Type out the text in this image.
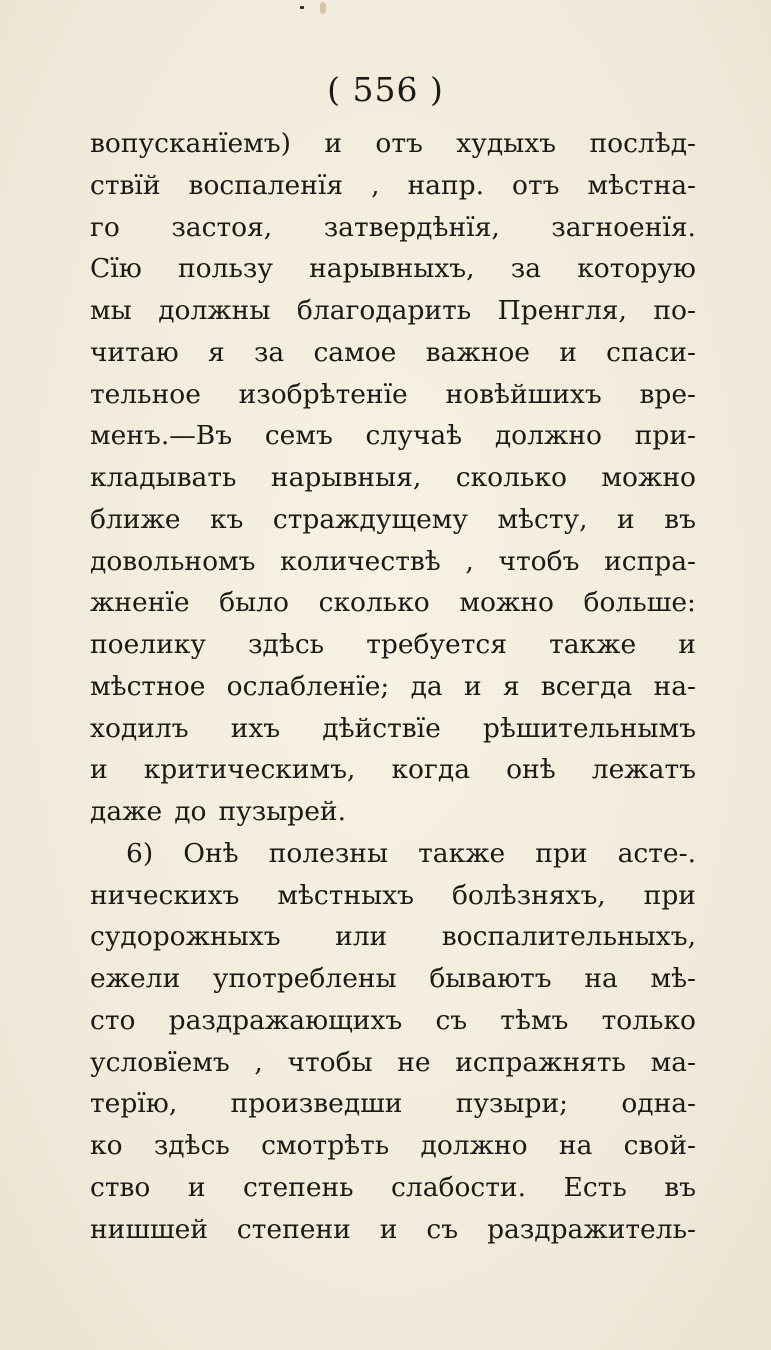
( 556 )
вопусканїемъ) и отъ худыхъ послѣд-
ствїй воспаленїя , напр. отъ мѣстна-
го застоя, затвердѣнїя, загноенїя.
Сїю пользу нарывныхъ, за которую
мы должны благодарить Пренгля, по-
читаю я за самое важное и спаси-
тельное изобрѣтенїе новѣйшихъ вре-
менъ.—Въ семъ случаѣ должно при-
кладывать нарывныя, сколько можно
ближе къ страждущему мѣсту, и въ
довольномъ количествѣ , чтобъ испра-
жненїе было сколько можно больше:
поелику здѣсь требуется также и
мѣстное ослабленїе; да и я всегда на-
ходилъ ихъ дѣйствїе рѣшительнымъ
и критическимъ, когда онѣ лежатъ
даже до пузырей.
6) Онѣ полезны также при асте-.
ническихъ мѣстныхъ болѣзняхъ, при
судорожныхъ или воспалительныхъ,
ежели употреблены бываютъ на мѣ-
сто раздражающихъ съ тѣмъ только
условїемъ , чтобы не испражнять ма-
терїю, произведши пузыри; одна-
ко здѣсь смотрѣть должно на свой-
ство и степень слабости. Есть въ
нишшей степени и съ раздражитель-
